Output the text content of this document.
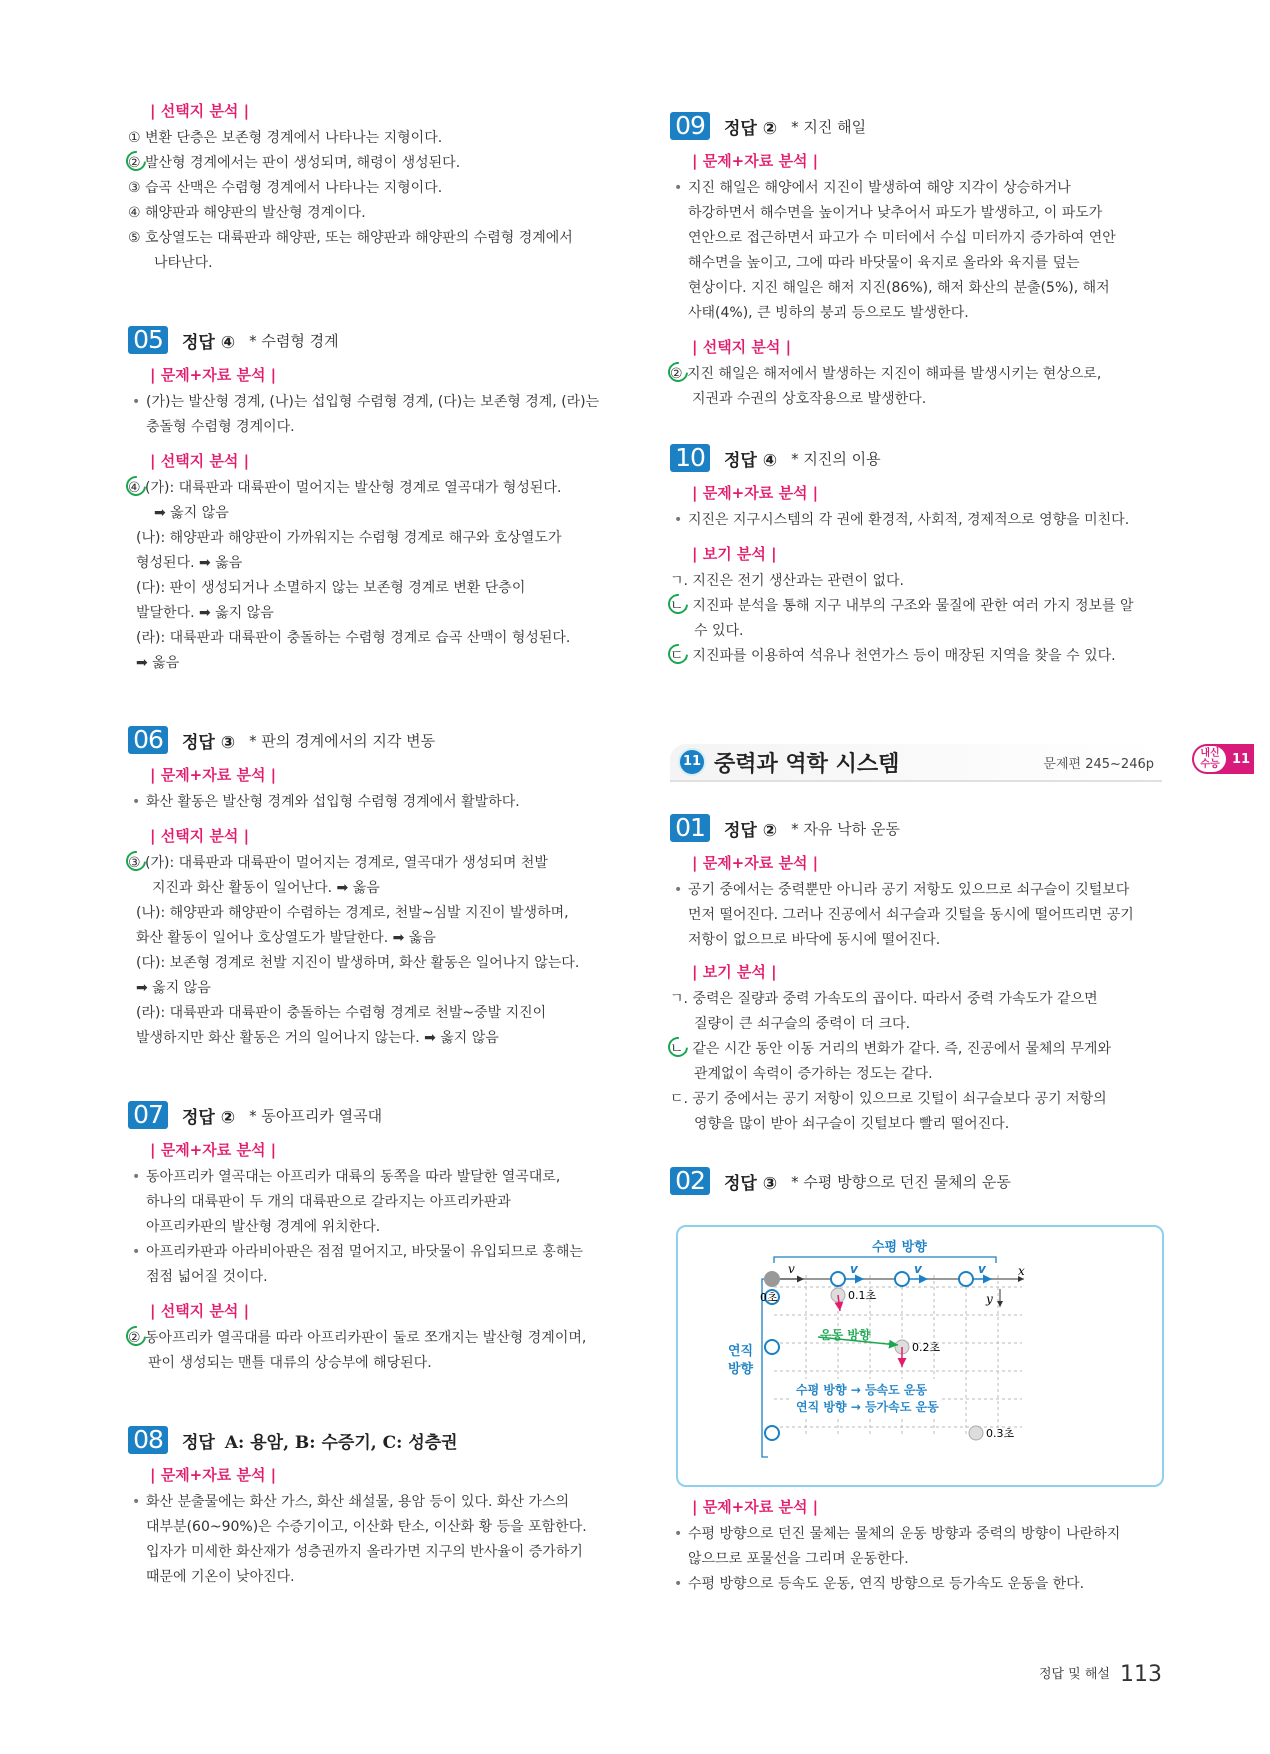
| 선택지 분석 |
① 변환 단층은 보존형 경계에서 나타나는 지형이다.
② 발산형 경계에서는 판이 생성되며, 해령이 생성된다.
③ 습곡 산맥은 수렴형 경계에서 나타나는 지형이다.
④ 해양판과 해양판의 발산형 경계이다.
⑤ 호상열도는 대륙판과 해양판, 또는 해양판과 해양판의 수렴형 경계에서
나타난다.
05 정답 ④ * 수렴형 경계
| 문제+자료 분석 |
• (가)는 발산형 경계, (나)는 섭입형 수렴형 경계, (다)는 보존형 경계, (라)는
충돌형 수렴형 경계이다.
| 선택지 분석 |
④ (가): 대륙판과 대륙판이 멀어지는 발산형 경계로 열곡대가 형성된다.
➡ 옳지 않음
(나): 해양판과 해양판이 가까워지는 수렴형 경계로 해구와 호상열도가
형성된다. ➡ 옳음
(다): 판이 생성되거나 소멸하지 않는 보존형 경계로 변환 단층이
발달한다. ➡ 옳지 않음
(라): 대륙판과 대륙판이 충돌하는 수렴형 경계로 습곡 산맥이 형성된다.
➡ 옳음
06 정답 ③ * 판의 경계에서의 지각 변동
| 문제+자료 분석 |
• 화산 활동은 발산형 경계와 섭입형 수렴형 경계에서 활발하다.
| 선택지 분석 |
③ (가): 대륙판과 대륙판이 멀어지는 경계로, 열곡대가 생성되며 천발
지진과 화산 활동이 일어난다. ➡ 옳음
(나): 해양판과 해양판이 수렴하는 경계로, 천발~심발 지진이 발생하며,
화산 활동이 일어나 호상열도가 발달한다. ➡ 옳음
(다): 보존형 경계로 천발 지진이 발생하며, 화산 활동은 일어나지 않는다.
➡ 옳지 않음
(라): 대륙판과 대륙판이 충돌하는 수렴형 경계로 천발~중발 지진이
발생하지만 화산 활동은 거의 일어나지 않는다. ➡ 옳지 않음
07 정답 ② * 동아프리카 열곡대
| 문제+자료 분석 |
• 동아프리카 열곡대는 아프리카 대륙의 동쪽을 따라 발달한 열곡대로,
하나의 대륙판이 두 개의 대륙판으로 갈라지는 아프리카판과
아프리카판의 발산형 경계에 위치한다.
• 아프리카판과 아라비아판은 점점 멀어지고, 바닷물이 유입되므로 홍해는
점점 넓어질 것이다.
| 선택지 분석 |
② 동아프리카 열곡대를 따라 아프리카판이 둘로 쪼개지는 발산형 경계이며,
판이 생성되는 맨틀 대류의 상승부에 해당된다.
08 정답 A: 용암, B: 수증기, C: 성층권
| 문제+자료 분석 |
• 화산 분출물에는 화산 가스, 화산 쇄설물, 용암 등이 있다. 화산 가스의
대부분(60~90%)은 수증기이고, 이산화 탄소, 이산화 황 등을 포함한다.
입자가 미세한 화산재가 성층권까지 올라가면 지구의 반사율이 증가하기
때문에 기온이 낮아진다.
09 정답 ② * 지진 해일
| 문제+자료 분석 |
• 지진 해일은 해양에서 지진이 발생하여 해양 지각이 상승하거나
하강하면서 해수면을 높이거나 낮추어서 파도가 발생하고, 이 파도가
연안으로 접근하면서 파고가 수 미터에서 수십 미터까지 증가하여 연안
해수면을 높이고, 그에 따라 바닷물이 육지로 올라와 육지를 덮는
현상이다. 지진 해일은 해저 지진(86%), 해저 화산의 분출(5%), 해저
사태(4%), 큰 빙하의 붕괴 등으로도 발생한다.
| 선택지 분석 |
② 지진 해일은 해저에서 발생하는 지진이 해파를 발생시키는 현상으로,
지권과 수권의 상호작용으로 발생한다.
10 정답 ④ * 지진의 이용
| 문제+자료 분석 |
• 지진은 지구시스템의 각 권에 환경적, 사회적, 경제적으로 영향을 미친다.
| 보기 분석 |
ㄱ. 지진은 전기 생산과는 관련이 없다.
ㄴ. 지진파 분석을 통해 지구 내부의 구조와 물질에 관한 여러 가지 정보를 알
수 있다.
ㄷ. 지진파를 이용하여 석유나 천연가스 등이 매장된 지역을 찾을 수 있다.
11 중력과 역학 시스템	문제편 245~246p
내신
수능 11
01 정답 ② * 자유 낙하 운동
| 문제+자료 분석 |
• 공기 중에서는 중력뿐만 아니라 공기 저항도 있으므로 쇠구슬이 깃털보다
먼저 떨어진다. 그러나 진공에서 쇠구슬과 깃털을 동시에 떨어뜨리면 공기
저항이 없으므로 바닥에 동시에 떨어진다.
| 보기 분석 |
ㄱ. 중력은 질량과 중력 가속도의 곱이다. 따라서 중력 가속도가 같으면
질량이 큰 쇠구슬의 중력이 더 크다.
ㄴ. 같은 시간 동안 이동 거리의 변화가 같다. 즉, 진공에서 물체의 무게와
관계없이 속력이 증가하는 정도는 같다.
ㄷ. 공기 중에서는 공기 저항이 있으므로 깃털이 쇠구슬보다 공기 저항의
영향을 많이 받아 쇠구슬이 깃털보다 빨리 떨어진다.
02 정답 ③ * 수평 방향으로 던진 물체의 운동
수평 방향
연직
방향
x
y
v	v	v	v
0초	0.1초
0.2초
운동 방향
0.3초
수평 방향 → 등속도 운동
연직 방향 → 등가속도 운동
| 문제+자료 분석 |
• 수평 방향으로 던진 물체는 물체의 운동 방향과 중력의 방향이 나란하지
않으므로 포물선을 그리며 운동한다.
• 수평 방향으로 등속도 운동, 연직 방향으로 등가속도 운동을 한다.
정답 및 해설 113
